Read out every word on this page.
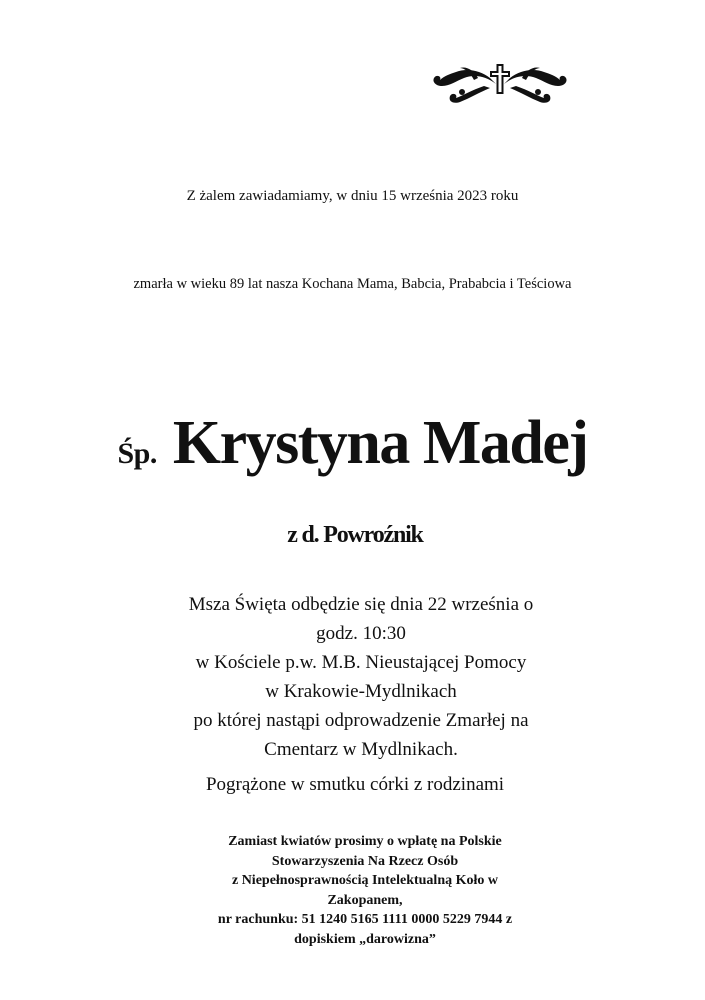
Z żalem zawiadamiamy, w dniu 15 września 2023 roku
zmarła w wieku 89 lat nasza Kochana Mama, Babcia, Prababcia i Teściowa
Śp. Krystyna Madej
z d. Powroźnik
Msza Święta odbędzie się dnia 22 września o
godz. 10:30
w Kościele p.w. M.B. Nieustającej Pomocy
w Krakowie-Mydlnikach
po której nastąpi odprowadzenie Zmarłej na
Cmentarz w Mydlnikach.
Pogrążone w smutku córki z rodzinami
Zamiast kwiatów prosimy o wpłatę na Polskie
Stowarzyszenia Na Rzecz Osób
z Niepełnosprawnością Intelektualną Koło w
Zakopanem,
nr rachunku: 51 1240 5165 1111 0000 5229 7944 z
dopiskiem „darowizna”
